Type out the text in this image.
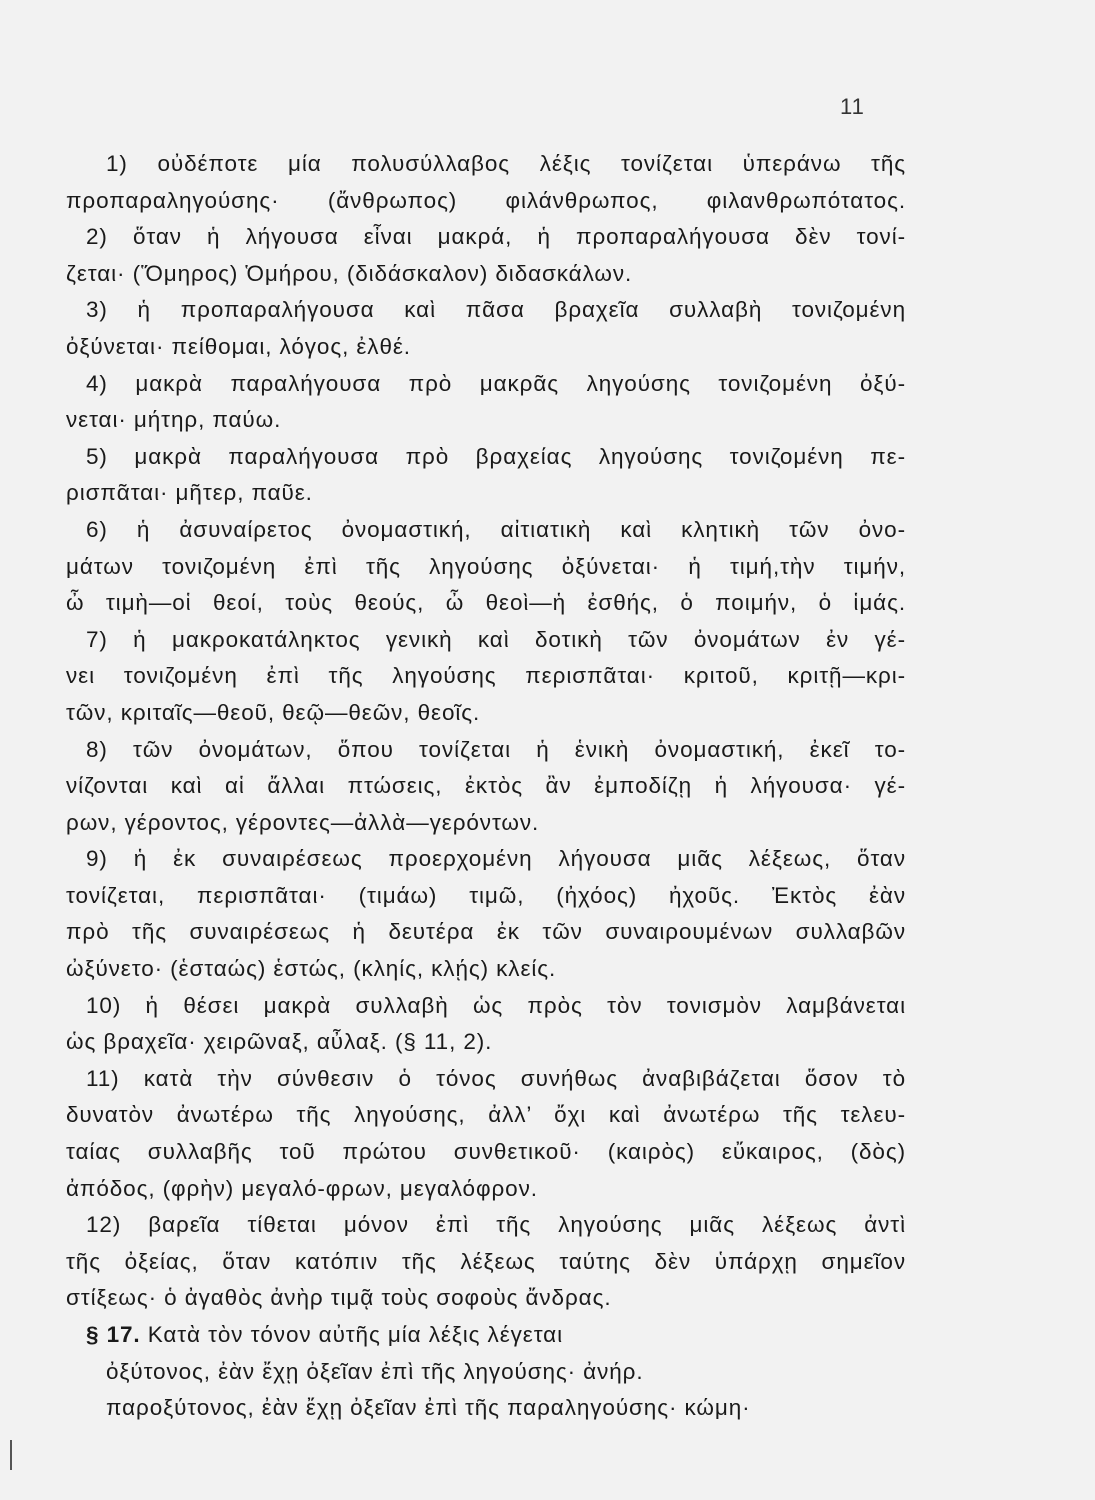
11
1) οὐδέποτε μία πολυσύλλαβος λέξις τονίζεται ὑπεράνω τῆς
προπαραληγούσης· (ἄνθρωπος) φιλάνθρωπος, φιλανθρωπότατος.
2) ὅταν ἡ λήγουσα εἶναι μακρά, ἡ προπαραλήγουσα δὲν τονί-
ζεται· (Ὅμηρος) Ὁμήρου, (διδάσκαλον) διδασκάλων.
3) ἡ προπαραλήγουσα καὶ πᾶσα βραχεῖα συλλαβὴ τονιζομένη
ὀξύνεται· πείθομαι, λόγος, ἐλθέ.
4) μακρὰ παραλήγουσα πρὸ μακρᾶς ληγούσης τονιζομένη ὀξύ-
νεται· μήτηρ, παύω.
5) μακρὰ παραλήγουσα πρὸ βραχείας ληγούσης τονιζομένη πε-
ρισπᾶται· μῆτερ, παῦε.
6) ἡ ἀσυναίρετος ὀνομαστική, αἰτιατικὴ καὶ κλητικὴ τῶν ὀνο-
μάτων τονιζομένη ἐπὶ τῆς ληγούσης ὀξύνεται· ἡ τιμή,τὴν τιμήν,
ὦ τιμὴ—οἱ θεοί, τοὺς θεούς, ὦ θεοὶ—ἡ ἐσθής, ὁ ποιμήν, ὁ ἱμάς.
7) ἡ μακροκατάληκτος γενικὴ καὶ δοτικὴ τῶν ὀνομάτων ἐν γέ-
νει τονιζομένη ἐπὶ τῆς ληγούσης περισπᾶται· κριτοῦ, κριτῇ—κρι-
τῶν, κριταῖς—θεοῦ, θεῷ—θεῶν, θεοῖς.
8) τῶν ὀνομάτων, ὅπου τονίζεται ἡ ἑνικὴ ὀνομαστική, ἐκεῖ το-
νίζονται καὶ αἱ ἄλλαι πτώσεις, ἐκτὸς ἂν ἐμποδίζῃ ἡ λήγουσα· γέ-
ρων, γέροντος, γέροντες—ἀλλὰ—γερόντων.
9) ἡ ἐκ συναιρέσεως προερχομένη λήγουσα μιᾶς λέξεως, ὅταν
τονίζεται, περισπᾶται· (τιμάω) τιμῶ, (ἠχόος) ἠχοῦς. Ἐκτὸς ἐὰν
πρὸ τῆς συναιρέσεως ἡ δευτέρα ἐκ τῶν συναιρουμένων συλλαβῶν
ὠξύνετο· (ἑσταώς) ἑστώς, (κληίς, κλῄς) κλείς.
10) ἡ θέσει μακρὰ συλλαβὴ ὡς πρὸς τὸν τονισμὸν λαμβάνεται
ὡς βραχεῖα· χειρῶναξ, αὖλαξ. (§ 11, 2).
11) κατὰ τὴν σύνθεσιν ὁ τόνος συνήθως ἀναβιβάζεται ὅσον τὸ
δυνατὸν ἀνωτέρω τῆς ληγούσης, ἀλλ’ ὄχι καὶ ἀνωτέρω τῆς τελευ-
ταίας συλλαβῆς τοῦ πρώτου συνθετικοῦ· (καιρὸς) εὔκαιρος, (δὸς)
ἀπόδος, (φρὴν) μεγαλό-φρων, μεγαλόφρον.
12) βαρεῖα τίθεται μόνον ἐπὶ τῆς ληγούσης μιᾶς λέξεως ἀντὶ
τῆς ὀξείας, ὅταν κατόπιν τῆς λέξεως ταύτης δὲν ὑπάρχῃ σημεῖον
στίξεως· ὁ ἀγαθὸς ἀνὴρ τιμᾷ τοὺς σοφοὺς ἄνδρας.
§ 17. Κατὰ τὸν τόνον αὐτῆς μία λέξις λέγεται
ὀξύτονος, ἐὰν ἔχῃ ὀξεῖαν ἐπὶ τῆς ληγούσης· ἀνήρ.
παροξύτονος, ἐὰν ἔχῃ ὀξεῖαν ἐπὶ τῆς παραληγούσης· κώμη·
